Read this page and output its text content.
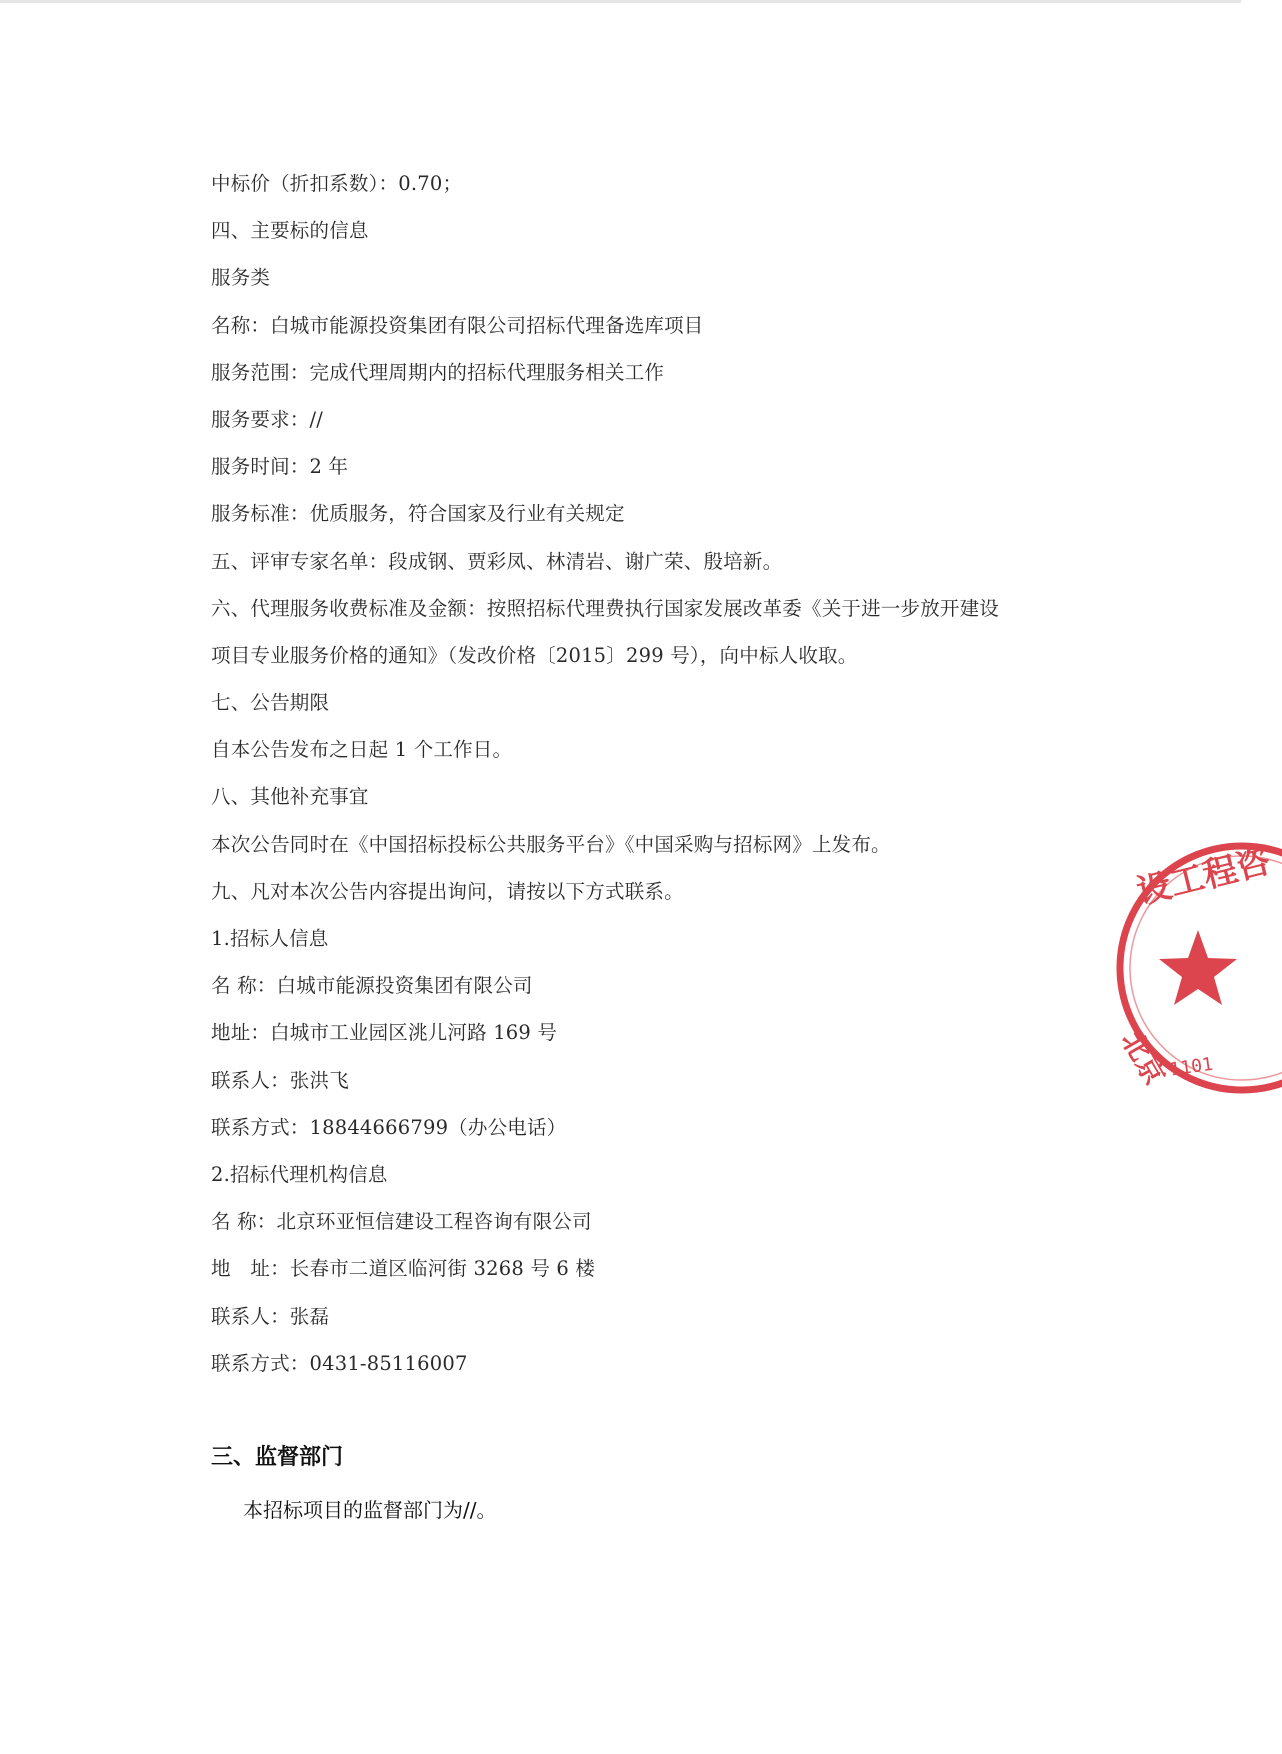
中标价（折扣系数）：0.70；
四、主要标的信息
服务类
名称：白城市能源投资集团有限公司招标代理备选库项目
服务范围：完成代理周期内的招标代理服务相关工作
服务要求：//
服务时间：2 年
服务标准：优质服务，符合国家及行业有关规定
五、评审专家名单：段成钢、贾彩凤、林清岩、谢广荣、殷培新。
六、代理服务收费标准及金额：按照招标代理费执行国家发展改革委《关于进一步放开建设
项目专业服务价格的通知》（发改价格〔2015〕299 号），向中标人收取。
七、公告期限
自本公告发布之日起 1 个工作日。
八、其他补充事宜
本次公告同时在《中国招标投标公共服务平台》《中国采购与招标网》上发布。
九、凡对本次公告内容提出询问，请按以下方式联系。
1.招标人信息
名 称：白城市能源投资集团有限公司
地址：白城市工业园区洮儿河路 169 号
联系人：张洪飞
联系方式：18844666799（办公电话）
2.招标代理机构信息
名 称：北京环亚恒信建设工程咨询有限公司
地　址：长春市二道区临河街 3268 号 6 楼
联系人：张磊
联系方式：0431-85116007
三、监督部门
本招标项目的监督部门为//。
设工程咨
北京
1101
